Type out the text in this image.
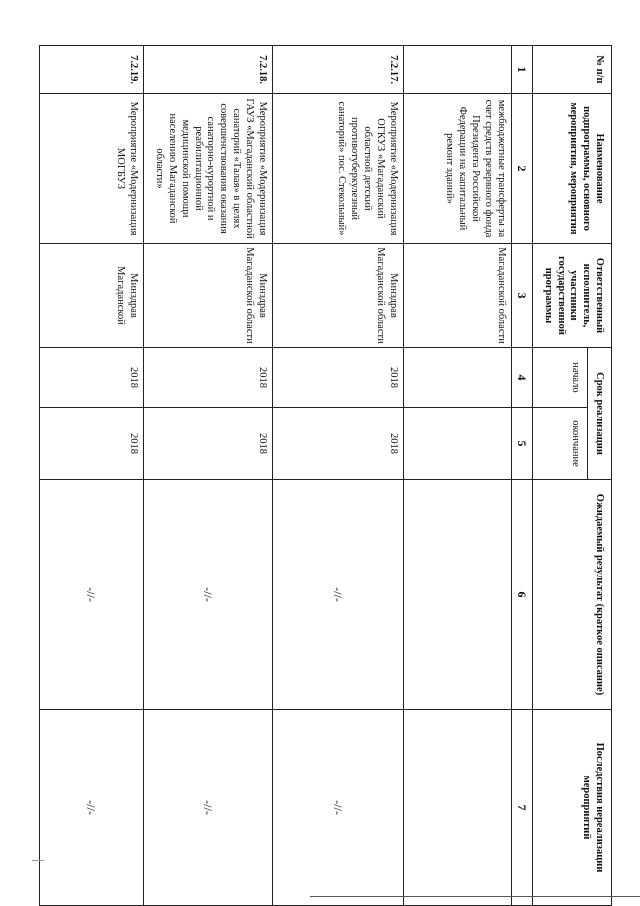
№ п/п	Наименование подпрограммы, основного мероприятия, мероприятия	Ответственный исполнитель, участники государственной программы	Срок реализации		Ожидаемый результат (краткое описание)	Последствия нереализации мероприятий
			начало	окончание		
1	2	3	4	5	6	7
	межбюджетные трансферты за счет средств резервного фонда Президента Российской Федерации на капитальный ремонт зданий»	Магаданской области				
7.2.17.	Мероприятие «Модернизация ОГКУЗ «Магаданский областной детский противотуберкулезный санаторий» пос. Стекольный»	Минздрав Магаданской области	2018	2018	-//-	-//-
7.2.18.	Мероприятие «Модернизация ГАУЗ «Магаданский областной санаторий «Талая» в целях совершенствования оказания санаторно-курортной и реабилитационной медицинской помощи населению Магаданской области»	Минздрав Магаданской области	2018	2018	-//-	-//-
7.2.19.	Мероприятие «Модернизация МОГБУЗ	Минздрав Магаданской	2018	2018	-//-	-//-
